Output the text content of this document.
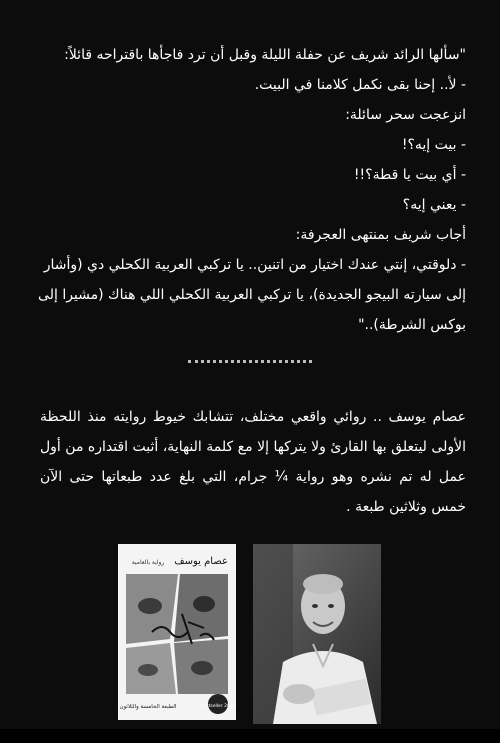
"سألها الرائد شريف عن حفلة الليلة وقبل أن ترد فاجأها باقتراحه قائلاً:

- لأ.. إحنا بقى نكمل كلامنا في البيت.

انزعجت سحر سائلة:

- بيت إيه؟!

- أي بيت يا قطة؟!!

- يعني إيه؟

أجاب شريف بمنتهى العجرفة:

- دلوقتي، إنتي عندك اختيار من اتنين.. يا تركبي العربية الكحلي دي (وأشار إلى سيارته البيجو الجديدة)، يا تركبي العربية الكحلي اللي هناك (مشيرا إلى بوكس الشرطة).."

عصام يوسف .. روائي واقعي مختلف، تتشابك خيوط روايته منذ اللحظة الأولى ليتعلق بها القارئ ولا يتركها إلا مع كلمة النهاية، أثبت اقتداره من أول عمل له تم نشره وهو رواية ¼ جرام، التي بلغ عدد طبعاتها حتى الآن خمس وثلاثين طبعة .

Bestseller 2014
عصام يوسف
رواية بالعامية
الطبعة الخامسة والثلاثون
